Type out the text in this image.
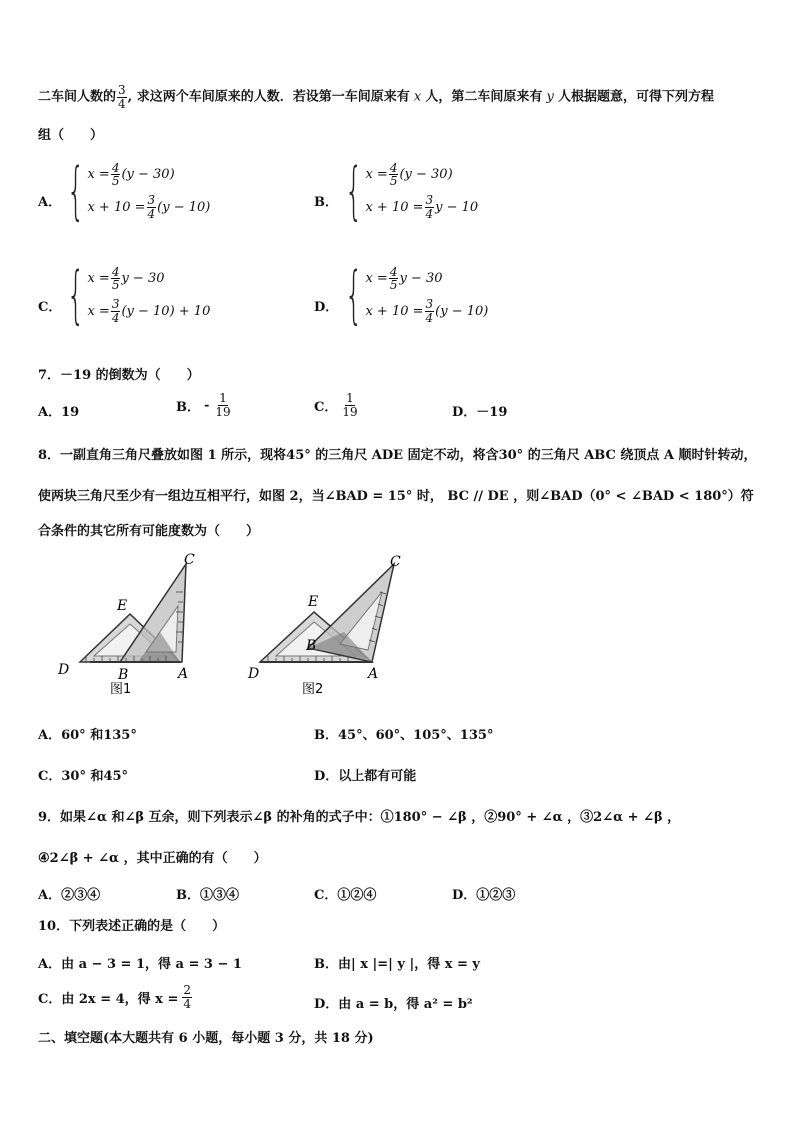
二车间人数的 $\frac{3}{4}$ , 求这两个车间原来的人数．若设第一车间原来有 x 人，第二车间原来有 y 人根据题意，可得下列方程
组（　　）
A． { $x = \frac{4}{5} (y - 30)$
$x + 10 = \frac{3}{4} (y - 10)$	B． { $x = \frac{4}{5} (y - 30)$
$x + 10 = \frac{3}{4}$ y − 10
C． { $x = \frac{4}{5}$ y − 30
$x = \frac{3}{4} (y - 10) + 10$	D． { $x = \frac{4}{5}$ y − 30
$x + 10 = \frac{3}{4} (y - 10)$
7．－19 的倒数为（　　）
A．19	B． - $\frac{1}{19}$	C． $\frac{1}{19}$	D．－19
8．一副直角三角尺叠放如图 1 所示，现将45° 的三角尺 ADE 固定不动，将含30° 的三角尺 ABC 绕顶点 A 顺时针转动，
使两块三角尺至少有一组边互相平行，如图 2，当∠BAD = 15° 时， BC // DE ，则∠BAD（0° < ∠BAD < 180°）符
合条件的其它所有可能度数为（　　）
C
E
D	B	A
图1
C
E
D
B
A
图2
A．60° 和135°	B．45°、60°、105°、135°
C．30° 和45°	D．以上都有可能
9．如果∠α 和∠β 互余，则下列表示∠β 的补角的式子中：①180° − ∠β ，②90° + ∠α ，③2∠α + ∠β ，
④2∠β + ∠α ，其中正确的有（　　）
A．②③④	B．①③④	C．①②④	D．①②③
10．下列表述正确的是（　　）
A．由 a − 3 = 1，得 a = 3 − 1	B．由| x |=| y |，得 x = y
C．由 2x = 4，得 $x = \frac{2}{4}$	D．由 a = b，得 a² = b²
二、填空题(本大题共有 6 小题，每小题 3 分，共 18 分)
